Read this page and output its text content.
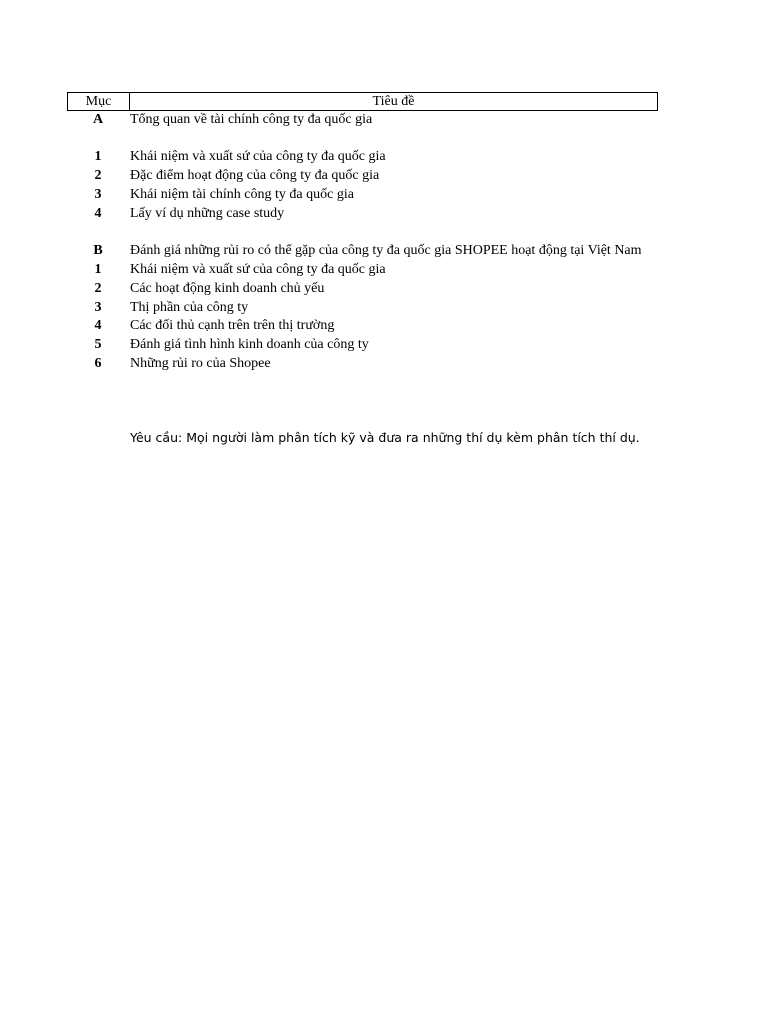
Mục	Tiêu đề
A	Tổng quan về tài chính công ty đa quốc gia
1	Khái niệm và xuất sứ của công ty đa quốc gia
2	Đặc điểm hoạt động của công ty đa quốc gia
3	Khái niệm tài chính công ty đa quốc gia
4	Lấy ví dụ những case study
B	Đánh giá những rủi ro có thể gặp của công ty đa quốc gia SHOPEE hoạt động tại Việt Nam
1	Khái niệm và xuất sứ của công ty đa quốc gia
2	Các hoạt động kinh doanh chủ yếu
3	Thị phần của công ty
4	Các đối thủ cạnh trên trên thị trường
5	Đánh giá tình hình kinh doanh của công ty
6	Những rủi ro của Shopee
Yêu cầu: Mọi người làm phân tích kỹ và đưa ra những thí dụ kèm phân tích thí dụ.
